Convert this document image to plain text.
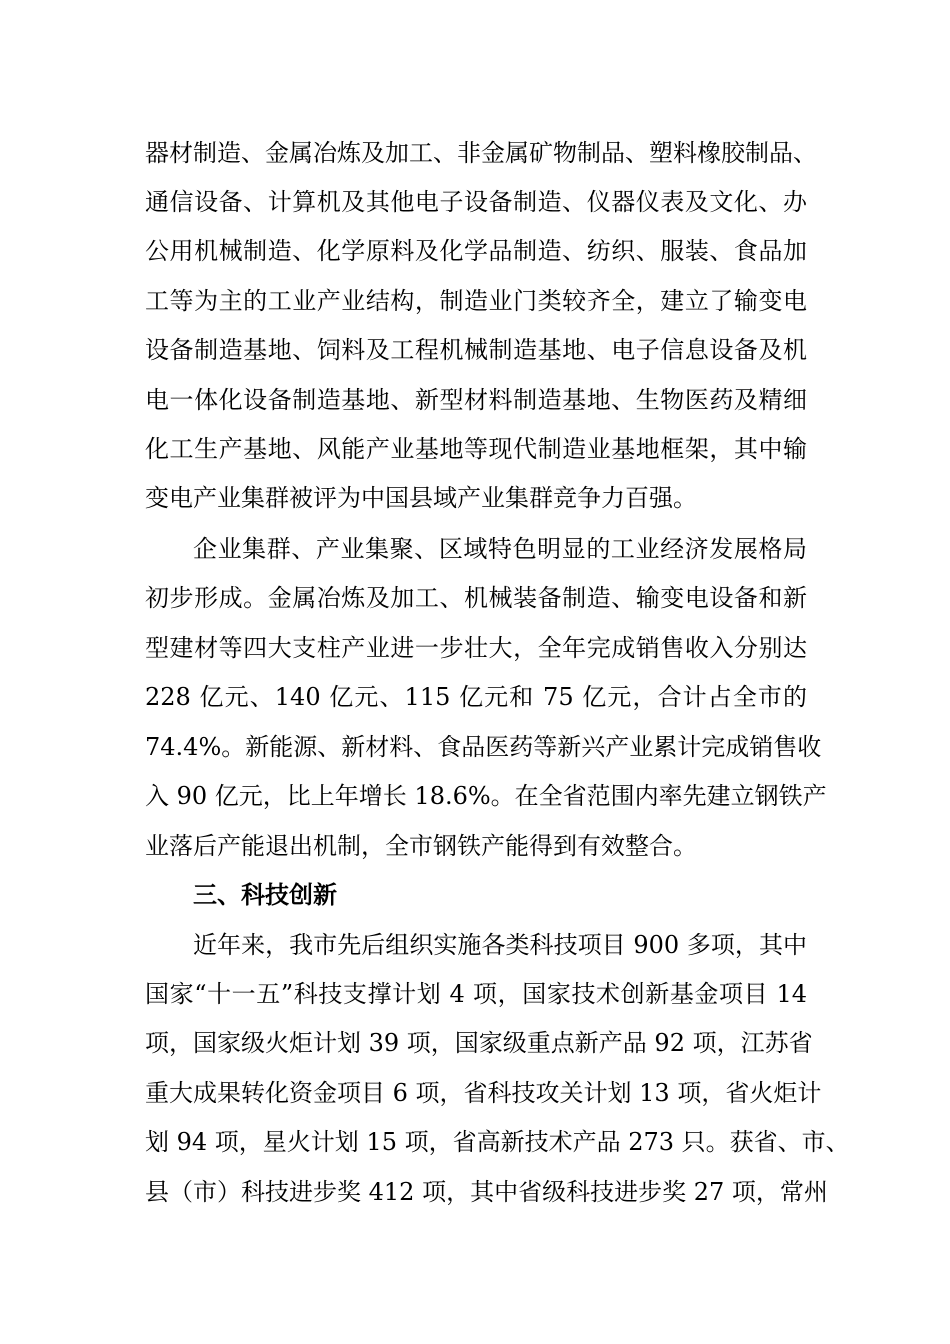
器材制造、金属冶炼及加工、非金属矿物制品、塑料橡胶制品、
通信设备、计算机及其他电子设备制造、仪器仪表及文化、办
公用机械制造、化学原料及化学品制造、纺织、服装、食品加
工等为主的工业产业结构，制造业门类较齐全，建立了输变电
设备制造基地、饲料及工程机械制造基地、电子信息设备及机
电一体化设备制造基地、新型材料制造基地、生物医药及精细
化工生产基地、风能产业基地等现代制造业基地框架，其中输
变电产业集群被评为中国县域产业集群竞争力百强。
企业集群、产业集聚、区域特色明显的工业经济发展格局
初步形成。金属冶炼及加工、机械装备制造、输变电设备和新
型建材等四大支柱产业进一步壮大，全年完成销售收入分别达
228 亿元、140 亿元、115 亿元和 75 亿元，合计占全市的
74.4%。新能源、新材料、食品医药等新兴产业累计完成销售收
入 90 亿元，比上年增长 18.6%。在全省范围内率先建立钢铁产
业落后产能退出机制，全市钢铁产能得到有效整合。
三、科技创新
近年来，我市先后组织实施各类科技项目 900 多项，其中
国家“十一五”科技支撑计划 4 项，国家技术创新基金项目 14
项，国家级火炬计划 39 项，国家级重点新产品 92 项，江苏省
重大成果转化资金项目 6 项，省科技攻关计划 13 项，省火炬计
划 94 项，星火计划 15 项，省高新技术产品 273 只。获省、市、
县（市）科技进步奖 412 项，其中省级科技进步奖 27 项，常州
